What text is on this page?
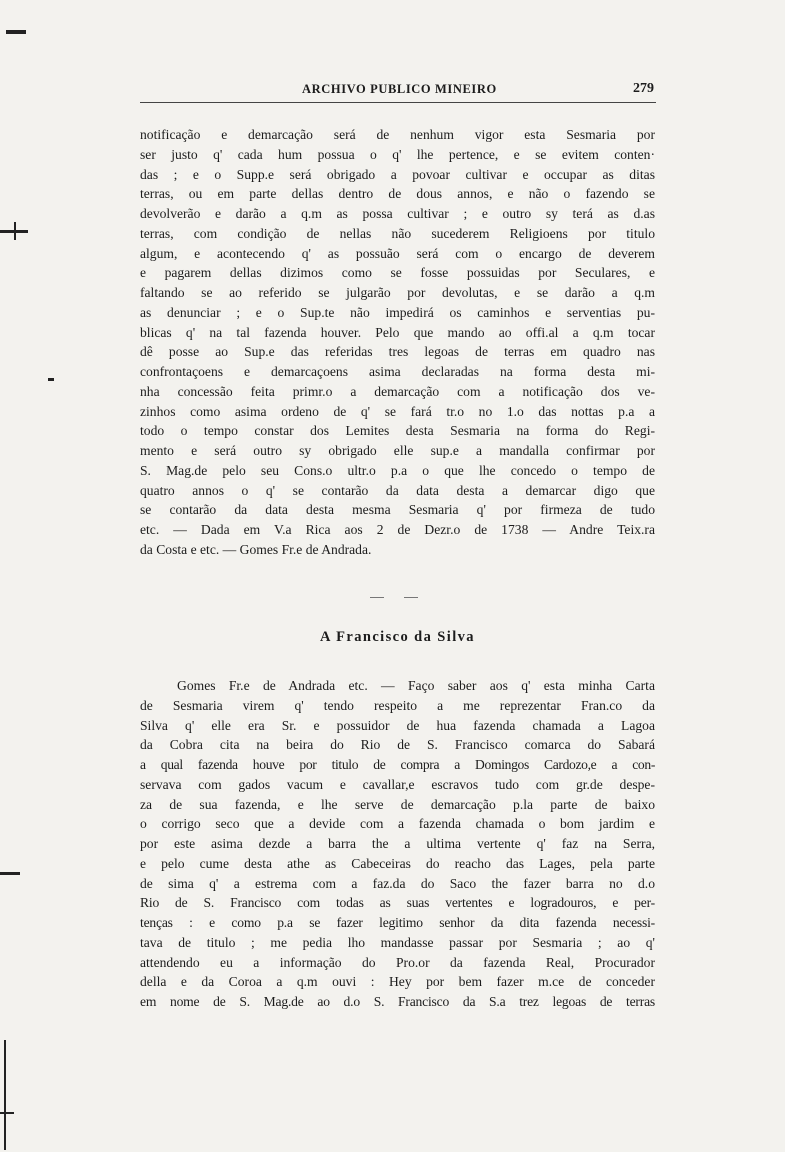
ARCHIVO PUBLICO MINEIRO	279

notificação e demarcação será de nenhum vigor esta Sesmaria por

ser justo q' cada hum possua o q' lhe pertence, e se evitem conten·

das ; e o Supp.e será obrigado a povoar cultivar e occupar as ditas

terras, ou em parte dellas dentro de dous annos, e não o fazendo se

devolverão e darão a q.m as possa cultivar ; e outro sy terá as d.as

terras, com condição de nellas não sucederem Religioens por titulo

algum, e acontecendo q' as possuão será com o encargo de deverem

e pagarem dellas dizimos como se fosse possuidas por Seculares, e

faltando se ao referido se julgarão por devolutas, e se darão a q.m

as denunciar ; e o Sup.te não impedirá os caminhos e serventias pu-

blicas q' na tal fazenda houver. Pelo que mando ao offi.al a q.m tocar

dê posse ao Sup.e das referidas tres legoas de terras em quadro nas

confrontaçoens e demarcaçoens asima declaradas na forma desta mi-

nha concessão feita primr.o a demarcação com a notificação dos ve-

zinhos como asima ordeno de q' se fará tr.o no 1.o das nottas p.a a

todo o tempo constar dos Lemites desta Sesmaria na forma do Regi-

mento e será outro sy obrigado elle sup.e a mandalla confirmar por

S. Mag.de pelo seu Cons.o ultr.o p.a o que lhe concedo o tempo de

quatro annos o q' se contarão da data desta a demarcar digo que

se contarão da data desta mesma Sesmaria q' por firmeza de tudo

etc. — Dada em V.a Rica aos 2 de Dezr.o de 1738 — Andre Teix.ra

da Costa e etc. — Gomes Fr.e de Andrada.

A Francisco da Silva

Gomes Fr.e de Andrada etc. — Faço saber aos q' esta minha Carta

de Sesmaria virem q' tendo respeito a me reprezentar Fran.co da

Silva q' elle era Sr. e possuidor de hua fazenda chamada a Lagoa

da Cobra cita na beira do Rio de S. Francisco comarca do Sabará

a qual fazenda houve por titulo de compra a Domingos Cardozo,e a con-

servava com gados vacum e cavallar,e escravos tudo com gr.de despe-

za de sua fazenda, e lhe serve de demarcação p.la parte de baixo

o corrigo seco que a devide com a fazenda chamada o bom jardim e

por este asima dezde a barra the a ultima vertente q' faz na Serra,

e pelo cume desta athe as Cabeceiras do reacho das Lages, pela parte

de sima q' a estrema com a faz.da do Saco the fazer barra no d.o

Rio de S. Francisco com todas as suas vertentes e logradouros, e per-

tenças : e como p.a se fazer legitimo senhor da dita fazenda necessi-

tava de titulo ; me pedia lho mandasse passar por Sesmaria ; ao q'

attendendo eu a informação do Pro.or da fazenda Real, Procurador

della e da Coroa a q.m ouvi : Hey por bem fazer m.ce de conceder

em nome de S. Mag.de ao d.o S. Francisco da S.a trez legoas de terras
